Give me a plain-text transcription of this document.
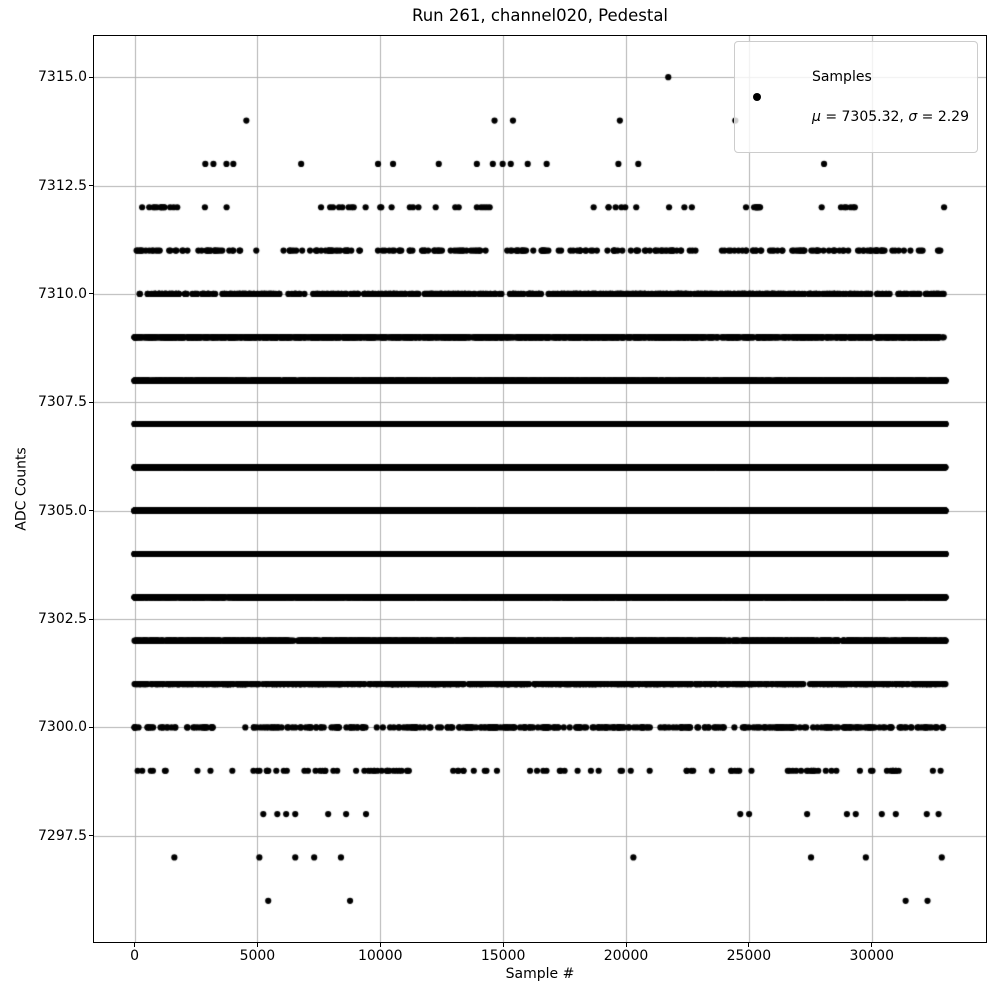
Run 261, channel020, Pedestal

Samples

μ = 7305.32, σ = 2.29

Sample #
ADC Counts
0	5000	10000	15000	20000	25000	30000
7297.5
7300.0
7302.5
7305.0
7307.5
7310.0
7312.5
7315.0
